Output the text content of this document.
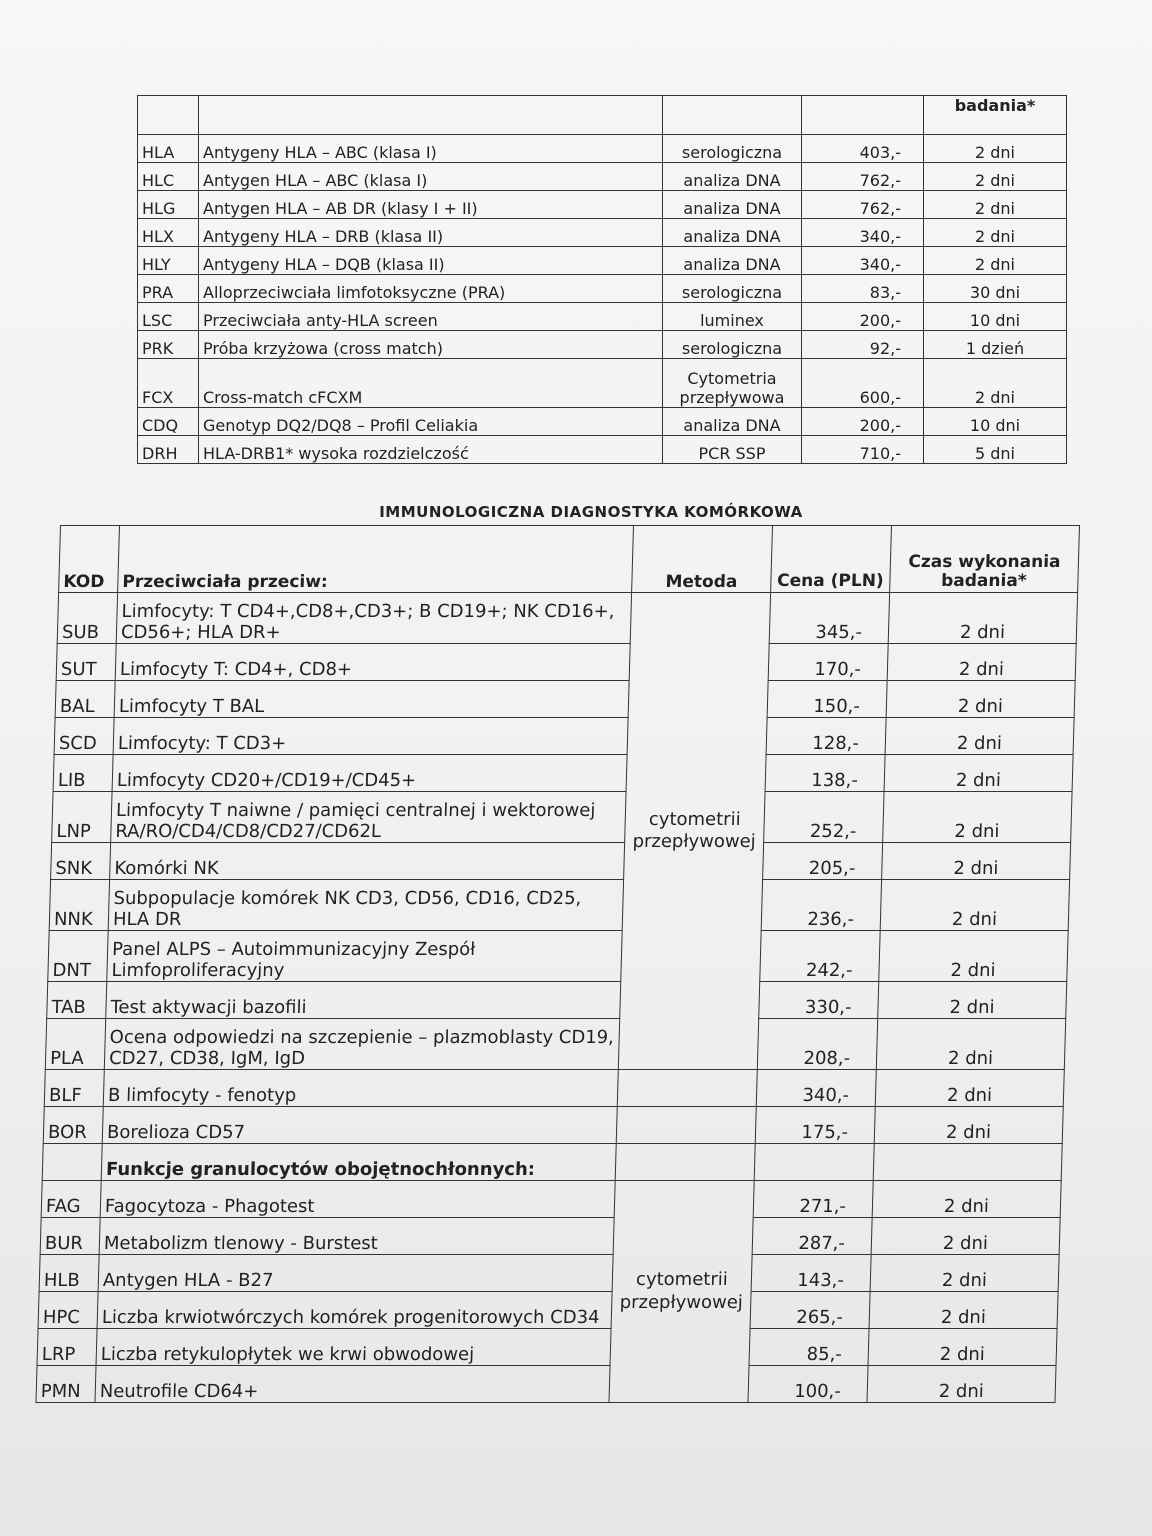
				badania*
HLA	Antygeny HLA – ABC (klasa I)	serologiczna	403,-	2 dni
HLC	Antygen HLA – ABC (klasa I)	analiza DNA	762,-	2 dni
HLG	Antygen HLA – AB DR (klasy I + II)	analiza DNA	762,-	2 dni
HLX	Antygeny HLA – DRB (klasa II)	analiza DNA	340,-	2 dni
HLY	Antygeny HLA – DQB (klasa II)	analiza DNA	340,-	2 dni
PRA	Alloprzeciwciała limfotoksyczne (PRA)	serologiczna	83,-	30 dni
LSC	Przeciwciała anty-HLA screen	luminex	200,-	10 dni
PRK	Próba krzyżowa (cross match)	serologiczna	92,-	1 dzień
FCX	Cross-match cFCXM	Cytometria przepływowa	600,-	2 dni
CDQ	Genotyp DQ2/DQ8 – Profil Celiakia	analiza DNA	200,-	10 dni
DRH	HLA-DRB1* wysoka rozdzielczość	PCR SSP	710,-	5 dni
IMMUNOLOGICZNA DIAGNOSTYKA KOMÓRKOWA
KOD	Przeciwciała przeciw:	Metoda	Cena (PLN)	Czas wykonania badania*
SUB	Limfocyty: T CD4+,CD8+,CD3+; B CD19+; NK CD16+, CD56+; HLA DR+	cytometrii przepływowej	345,-	2 dni
SUT	Limfocyty T: CD4+, CD8+		170,-	2 dni
BAL	Limfocyty T BAL		150,-	2 dni
SCD	Limfocyty: T CD3+		128,-	2 dni
LIB	Limfocyty CD20+/CD19+/CD45+		138,-	2 dni
LNP	Limfocyty T naiwne / pamięci centralnej i wektorowej RA/RO/CD4/CD8/CD27/CD62L		252,-	2 dni
SNK	Komórki NK		205,-	2 dni
NNK	Subpopulacje komórek NK CD3, CD56, CD16, CD25, HLA DR		236,-	2 dni
DNT	Panel ALPS – Autoimmunizacyjny Zespół Limfoproliferacyjny		242,-	2 dni
TAB	Test aktywacji bazofili		330,-	2 dni
PLA	Ocena odpowiedzi na szczepienie – plazmoblasty CD19, CD27, CD38, IgM, IgD		208,-	2 dni
BLF	B limfocyty - fenotyp		340,-	2 dni
BOR	Borelioza CD57		175,-	2 dni
	Funkcje granulocytów obojętnochłonnych:			
FAG	Fagocytoza - Phagotest	cytometrii przepływowej	271,-	2 dni
BUR	Metabolizm tlenowy - Burstest		287,-	2 dni
HLB	Antygen HLA - B27		143,-	2 dni
HPC	Liczba krwiotwórczych komórek progenitorowych CD34		265,-	2 dni
LRP	Liczba retykulopłytek we krwi obwodowej		85,-	2 dni
PMN	Neutrofile CD64+		100,-	2 dni
